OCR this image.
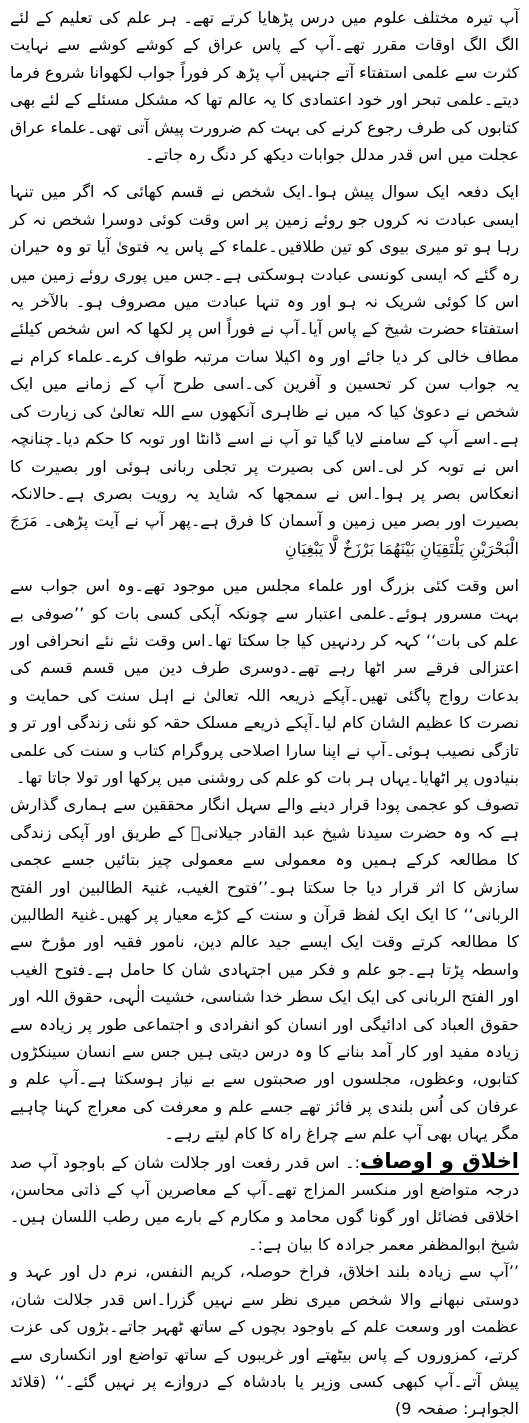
آپ تیرہ مختلف علوم میں درس پڑھایا کرتے تھے۔ ہر علم کی تعلیم کے لئے الگ الگ اوقات مقرر تھے۔آپ کے پاس عراق کے کوشے کوشے سے نہایت کثرت سے علمی استفتاء آتے جنہیں آپ پڑھ کر فوراً جواب لکھوانا شروع فرما دیتے۔علمی تبحر اور خود اعتمادی کا یہ عالم تھا کہ مشکل مسئلے کے لئے بھی کتابوں کی طرف رجوع کرنے کی بہت کم ضرورت پیش آتی تھی۔علماء عراق عجلت میں اس قدر مدلل جوابات دیکھ کر دنگ رہ جاتے۔

ایک دفعہ ایک سوال پیش ہوا۔ایک شخص نے قسم کھائی کہ اگر میں تنہا ایسی عبادت نہ کروں جو روئے زمین پر اس وقت کوئی دوسرا شخص نہ کر رہا ہو تو میری بیوی کو تین طلاقیں۔علماء کے پاس یہ فتویٰ آیا تو وہ حیران رہ گئے کہ ایسی کونسی عبادت ہوسکتی ہے۔جس میں پوری روئے زمین میں اس کا کوئی شریک نہ ہو اور وہ تنہا عبادت میں مصروف ہو۔ بالآخر یہ استفتاء حضرت شیخ کے پاس آیا۔آپ نے فوراً اس پر لکھا کہ اس شخص کیلئے مطاف خالی کر دیا جائے اور وہ اکیلا سات مرتبہ طواف کرے۔علماء کرام نے یہ جواب سن کر تحسین و آفرین کی۔اسی طرح آپ کے زمانے میں ایک شخص نے دعویٰ کیا کہ میں نے ظاہری آنکھوں سے اللہ تعالیٰ کی زیارت کی ہے۔اسے آپ کے سامنے لایا گیا تو آپ نے اسے ڈانٹا اور توبہ کا حکم دیا۔چنانچہ اس نے توبہ کر لی۔اس کی بصیرت پر تجلی ربانی ہوئی اور بصیرت کا انعکاس بصر پر ہوا۔اس نے سمجھا کہ شاید یہ رویت بصری ہے۔حالانکہ بصیرت اور بصر میں زمین و آسمان کا فرق ہے۔پھر آپ نے آیت پڑھی۔ مَرَجَ الْبَحْرَيْنِ يَلْتَقِيَانِ بَيْنَهُمَا بَرْزَخٌ لَّا يَبْغِيَانِ

اس وقت کئی بزرگ اور علماء مجلس میں موجود تھے۔وہ اس جواب سے بہت مسرور ہوئے۔علمی اعتبار سے چونکہ آپکی کسی بات کو ’’صوفی بے علم کی بات‘‘ کہہ کر ردنہیں کیا جا سکتا تھا۔اس وقت نئے نئے انحرافی اور اعتزالی فرقے سر اٹھا رہے تھے۔دوسری طرف دین میں قسم قسم کی بدعات رواج پاگئی تھیں۔آپکے ذریعہ اللہ تعالیٰ نے اہل سنت کی حمایت و نصرت کا عظیم الشان کام لیا۔آپکے ذریعے مسلک حقہ کو نئی زندگی اور تر و تازگی نصیب ہوئی۔آپ نے اپنا سارا اصلاحی پروگرام کتاب و سنت کی علمی بنیادوں پر اٹھایا۔یہاں ہر بات کو علم کی روشنی میں پرکھا اور تولا جاتا تھا۔

تصوف کو عجمی پودا قرار دینے والے سہل انگار محققین سے ہماری گذارش ہے کہ وہ حضرت سیدنا شیخ عبد القادر جیلانیؒ کے طریق اور آپکی زندگی کا مطالعہ کرکے ہمیں وہ معمولی سے معمولی چیز بتائیں جسے عجمی سازش کا اثر قرار دیا جا سکتا ہو۔’’فتوح الغیب، غنیۃ الطالبین اور الفتح الربانی‘‘ کا ایک ایک لفظ قرآن و سنت کے کڑے معیار پر کھیں۔غنیۃ الطالبین کا مطالعہ کرتے وقت ایک ایسے جید عالم دین، نامور فقیہ اور مؤرخ سے واسطہ پڑتا ہے۔جو علم و فکر میں اجتہادی شان کا حامل ہے۔فتوح الغیب اور الفتح الربانی کی ایک ایک سطر خدا شناسی، خشیت الٰہی، حقوق اللہ اور حقوق العباد کی ادائیگی اور انسان کو انفرادی و اجتماعی طور پر زیادہ سے زیادہ مفید اور کار آمد بنانے کا وہ درس دیتی ہیں جس سے انسان سینکڑوں کتابوں، وعظوں، مجلسوں اور صحبتوں سے بے نیاز ہوسکتا ہے۔آپ علم و عرفان کی اُس بلندی پر فائز تھے جسے علم و معرفت کی معراج کہنا چاہیے مگر یہاں بھی آپ علم سے چراغ راہ کا کام لیتے رہے۔

اخلاق و اوصاف:۔ اس قدر رفعت اور جلالت شان کے باوجود آپ صد درجہ متواضع اور منکسر المزاج تھے۔آپ کے معاصرین آپ کے ذاتی محاسن، اخلاقی فضائل اور گونا گوں محامد و مکارم کے بارے میں رطب اللسان ہیں۔شیخ ابوالمظفر معمر جرادہ کا بیان ہے:۔

’’آپ سے زیادہ بلند اخلاق، فراخ حوصلہ، کریم النفس، نرم دل اور عہد و دوستی نبھانے والا شخص میری نظر سے نہیں گزرا۔اس قدر جلالت شان، عظمت اور وسعت علم کے باوجود بچوں کے ساتھ ٹھہر جاتے۔بڑوں کی عزت کرتے، کمزوروں کے پاس بیٹھتے اور غریبوں کے ساتھ تواضع اور انکساری سے پیش آتے۔آپ کبھی کسی وزیر یا بادشاہ کے دروازے پر نہیں گئے۔‘‘ (قلائد الجواہر: صفحہ 9)
